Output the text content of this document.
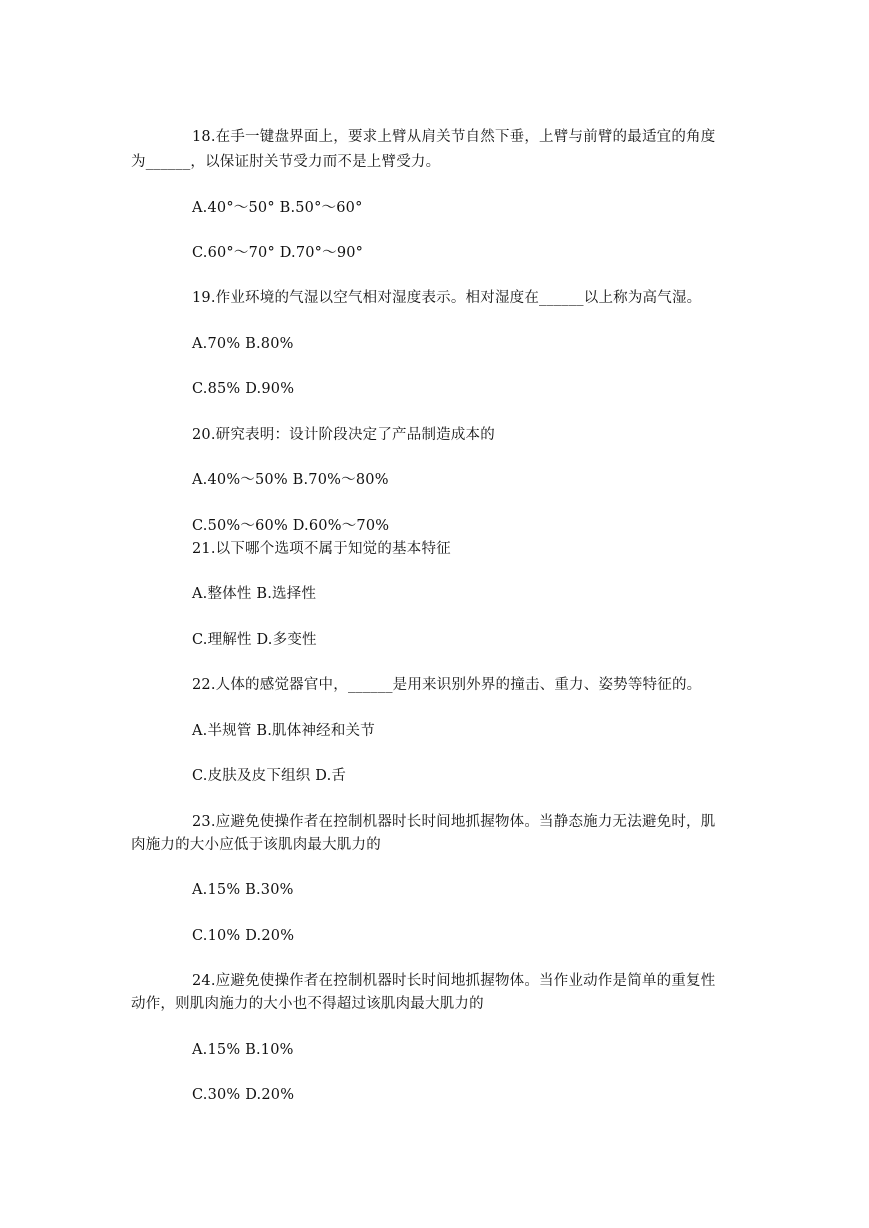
18.在手一键盘界面上，要求上臂从肩关节自然下垂，上臂与前臂的最适宜的角度
为______，以保证肘关节受力而不是上臂受力。
A.40°～50° B.50°～60°
C.60°～70° D.70°～90°
19.作业环境的气湿以空气相对湿度表示。相对湿度在______以上称为高气湿。
A.70% B.80%
C.85% D.90%
20.研究表明：设计阶段决定了产品制造成本的
A.40%～50% B.70%～80%
C.50%～60% D.60%～70%
21.以下哪个选项不属于知觉的基本特征
A.整体性 B.选择性
C.理解性 D.多变性
22.人体的感觉器官中，______是用来识别外界的撞击、重力、姿势等特征的。
A.半规管 B.肌体神经和关节
C.皮肤及皮下组织 D.舌
23.应避免使操作者在控制机器时长时间地抓握物体。当静态施力无法避免时，肌
肉施力的大小应低于该肌肉最大肌力的
A.15% B.30%
C.10% D.20%
24.应避免使操作者在控制机器时长时间地抓握物体。当作业动作是简单的重复性
动作，则肌肉施力的大小也不得超过该肌肉最大肌力的
A.15% B.10%
C.30% D.20%
